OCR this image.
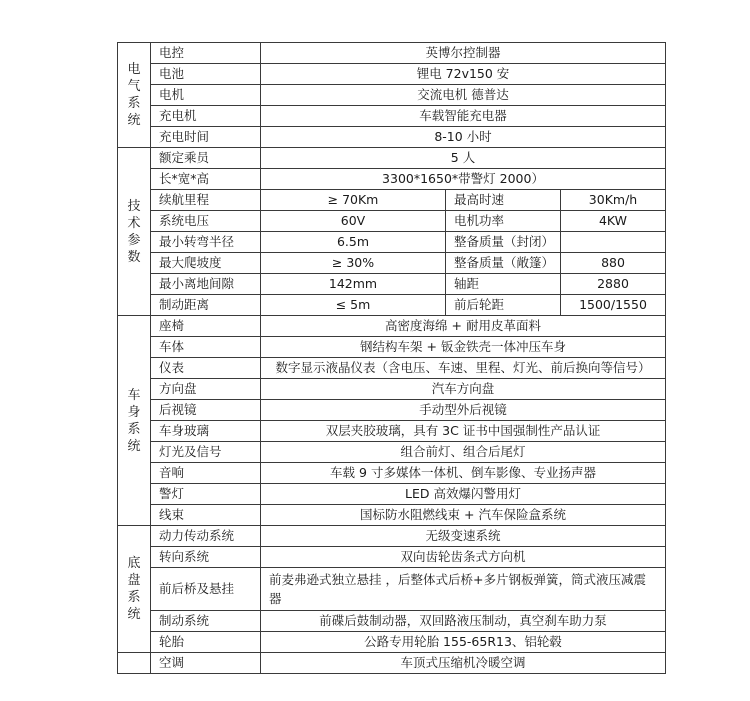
电
气
系
统	电控	英博尔控制器		
	电池	锂电 72v150 安		
	电机	交流电机 德普达		
	充电机	车载智能充电器		
	充电时间	8-10 小时		

技
术
参
数	额定乘员	5 人		
	长*宽*高	3300*1650*带警灯 2000）		
	续航里程	≥ 70Km	最高时速	30Km/h
	系统电压	60V	电机功率	4KW
	最小转弯半径	6.5m	整备质量（封闭）	
	最大爬坡度	≥ 30%	整备质量（敞篷）	880
	最小离地间隙	142mm	轴距	2880
	制动距离	≤ 5m	前后轮距	1500/1550

车
身
系
统	座椅	高密度海绵 + 耐用皮革面料		
	车体	钢结构车架 + 钣金铁壳一体冲压车身		
	仪表	数字显示液晶仪表（含电压、车速、里程、灯光、前后换向等信号）		
	方向盘	汽车方向盘		
	后视镜	手动型外后视镜		
	车身玻璃	双层夹胶玻璃，具有 3C 证书中国强制性产品认证		
	灯光及信号	组合前灯、组合后尾灯		
	音响	车载 9 寸多媒体一体机、倒车影像、专业扬声器		
	警灯	LED 高效爆闪警用灯		
	线束	国标防水阻燃线束 + 汽车保险盒系统		

底
盘
系
统	动力传动系统	无级变速系统		
	转向系统	双向齿轮齿条式方向机		
	前后桥及悬挂	前麦弗逊式独立悬挂 ，后整体式后桥+多片钢板弹簧，筒式液压减震器		
	制动系统	前碟后鼓制动器，双回路液压制动，真空刹车助力泵		
	轮胎	公路专用轮胎 155-65R13、铝轮毂		
	空调	车顶式压缩机冷暖空调		
